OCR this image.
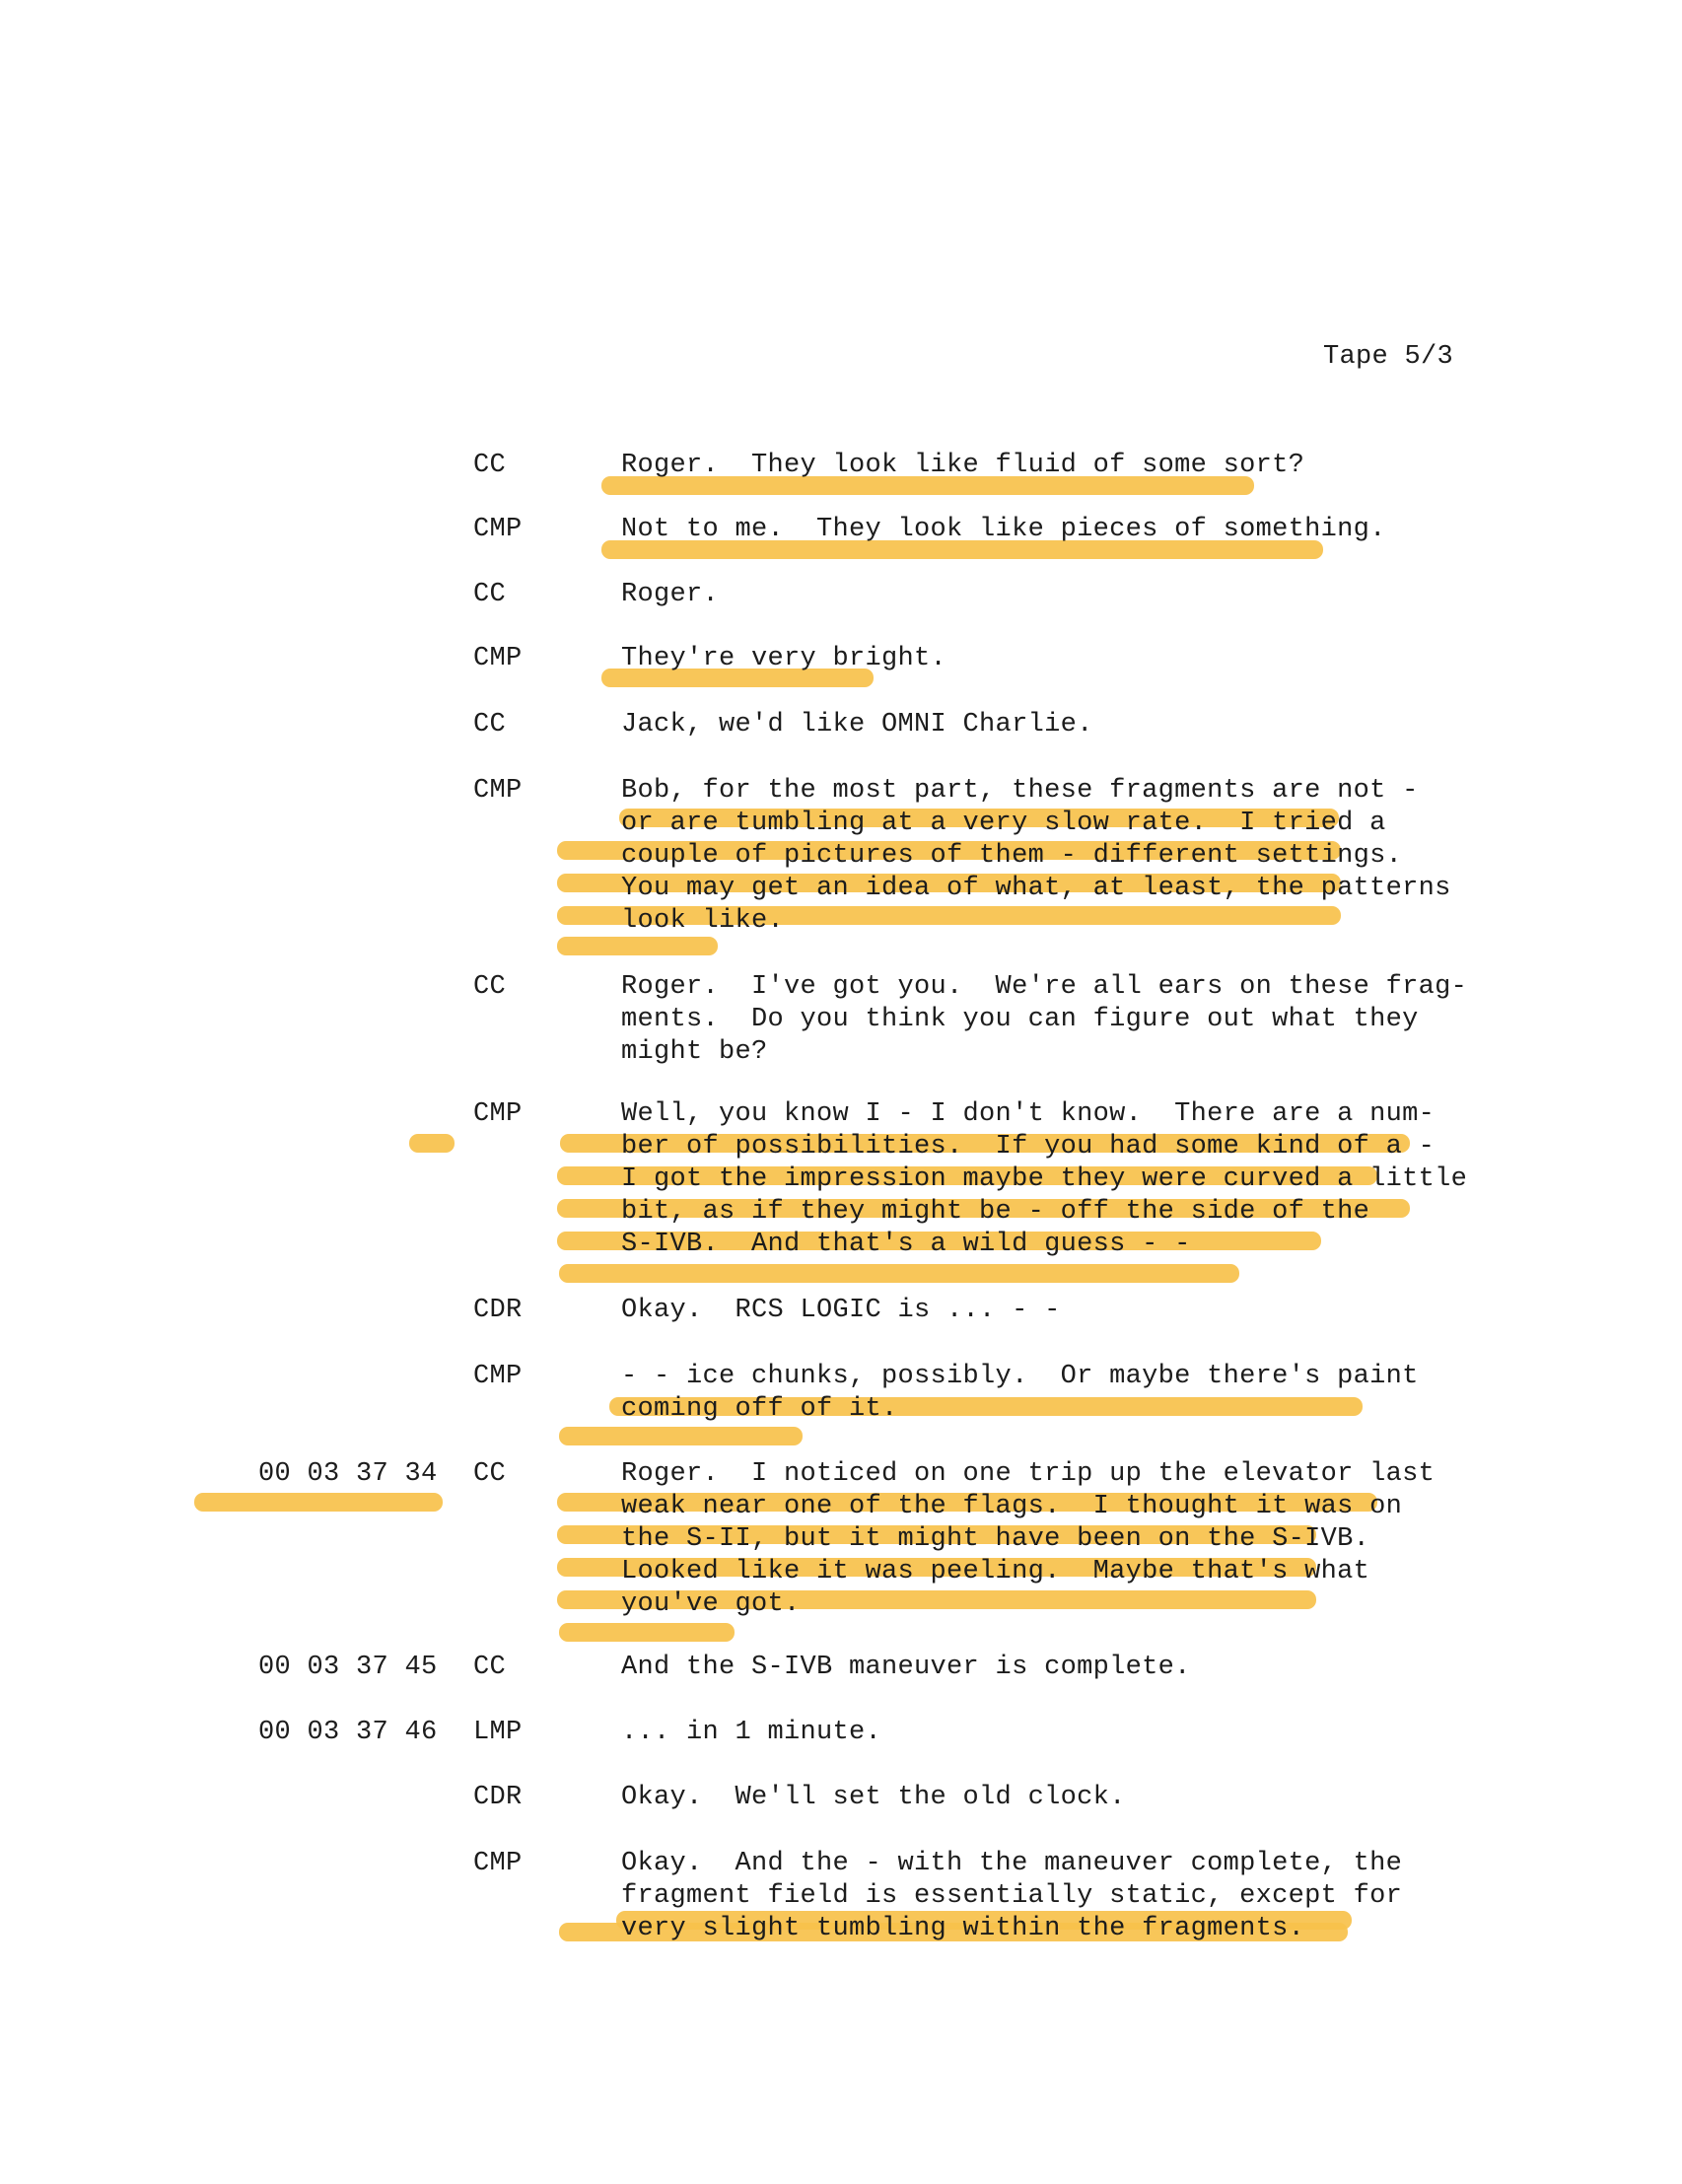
Tape 5/3
CC	Roger.  They look like fluid of some sort?
CMP	Not to me.  They look like pieces of something.
CC	Roger.
CMP	They're very bright.
CC	Jack, we'd like OMNI Charlie.
CMP	Bob, for the most part, these fragments are not -
or are tumbling at a very slow rate.  I tried a
couple of pictures of them - different settings.
You may get an idea of what, at least, the patterns
look like.
CC	Roger.  I've got you.  We're all ears on these frag-
ments.  Do you think you can figure out what they
might be?
CMP	Well, you know I - I don't know.  There are a num-
ber of possibilities.  If you had some kind of a -
I got the impression maybe they were curved a little
bit, as if they might be - off the side of the
S-IVB.  And that's a wild guess - -
CDR	Okay.  RCS LOGIC is ... - -
CMP	- - ice chunks, possibly.  Or maybe there's paint
coming off of it.
00 03 37 34 CC	Roger.  I noticed on one trip up the elevator last
weak near one of the flags.  I thought it was on
the S-II, but it might have been on the S-IVB.
Looked like it was peeling.  Maybe that's what
you've got.
00 03 37 45 CC	And the S-IVB maneuver is complete.
00 03 37 46 LMP	... in 1 minute.
CDR	Okay.  We'll set the old clock.
CMP	Okay.  And the - with the maneuver complete, the
fragment field is essentially static, except for
very slight tumbling within the fragments.
